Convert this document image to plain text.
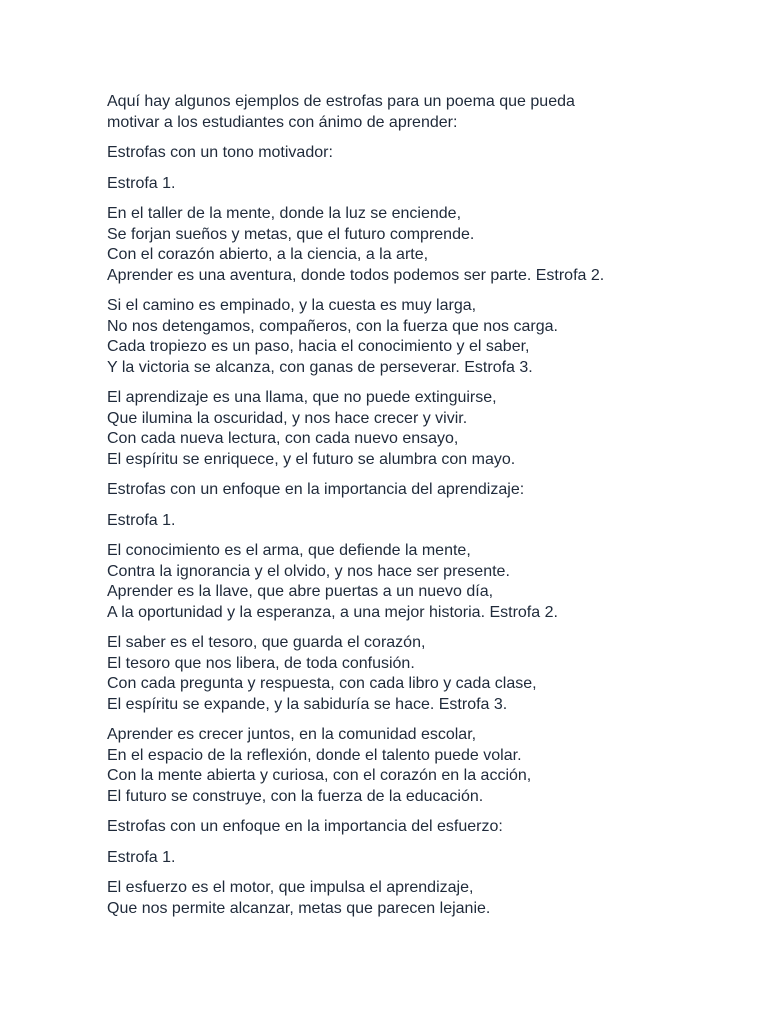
Aquí hay algunos ejemplos de estrofas para un poema que pueda
motivar a los estudiantes con ánimo de aprender:

Estrofas con un tono motivador:

Estrofa 1.

En el taller de la mente, donde la luz se enciende,
Se forjan sueños y metas, que el futuro comprende.
Con el corazón abierto, a la ciencia, a la arte,
Aprender es una aventura, donde todos podemos ser parte. Estrofa 2.

Si el camino es empinado, y la cuesta es muy larga,
No nos detengamos, compañeros, con la fuerza que nos carga.
Cada tropiezo es un paso, hacia el conocimiento y el saber,
Y la victoria se alcanza, con ganas de perseverar. Estrofa 3.

El aprendizaje es una llama, que no puede extinguirse,
Que ilumina la oscuridad, y nos hace crecer y vivir.
Con cada nueva lectura, con cada nuevo ensayo,
El espíritu se enriquece, y el futuro se alumbra con mayo.

Estrofas con un enfoque en la importancia del aprendizaje:

Estrofa 1.

El conocimiento es el arma, que defiende la mente,
Contra la ignorancia y el olvido, y nos hace ser presente.
Aprender es la llave, que abre puertas a un nuevo día,
A la oportunidad y la esperanza, a una mejor historia. Estrofa 2.

El saber es el tesoro, que guarda el corazón,
El tesoro que nos libera, de toda confusión.
Con cada pregunta y respuesta, con cada libro y cada clase,
El espíritu se expande, y la sabiduría se hace. Estrofa 3.

Aprender es crecer juntos, en la comunidad escolar,
En el espacio de la reflexión, donde el talento puede volar.
Con la mente abierta y curiosa, con el corazón en la acción,
El futuro se construye, con la fuerza de la educación.

Estrofas con un enfoque en la importancia del esfuerzo:

Estrofa 1.

El esfuerzo es el motor, que impulsa el aprendizaje,
Que nos permite alcanzar, metas que parecen lejanie.
